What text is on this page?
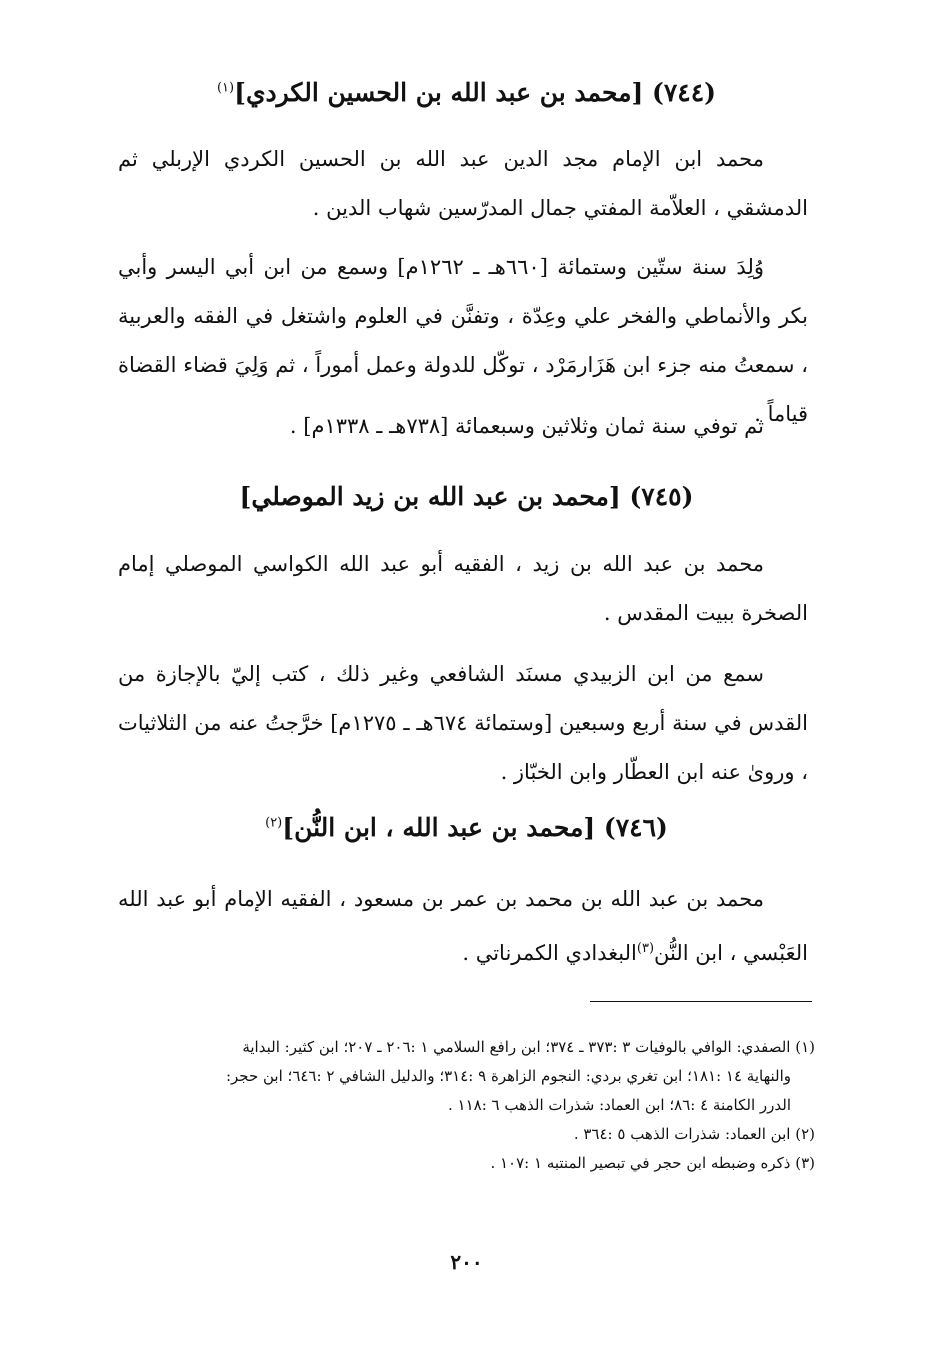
(٧٤٤) [محمد بن عبد الله بن الحسين الكردي]$^{(١)}$

محمد ابن الإمام مجد الدين عبد الله بن الحسين الكردي الإربلي ثم الدمشقي ، العلاّمة المفتي جمال المدرّسين شهاب الدين .

وُلِدَ سنة ستّين وستمائة [٦٦٠هـ ـ ١٢٦٢م] وسمع من ابن أبي اليسر وأبي بكر والأنماطي والفخر علي وعِدّة ، وتفنَّن في العلوم واشتغل في الفقه والعربية ، سمعتُ منه جزء ابن هَزَارمَرْد ، توكّل للدولة وعمل أموراً ، ثم وَلِيَ قضاء القضاة قياماً .

ثم توفي سنة ثمان وثلاثين وسبعمائة [٧٣٨هـ ـ ١٣٣٨م] .

(٧٤٥) [محمد بن عبد الله بن زيد الموصلي]

محمد بن عبد الله بن زيد ، الفقيه أبو عبد الله الكواسي الموصلي إمام الصخرة ببيت المقدس .

سمع من ابن الزبيدي مسنَد الشافعي وغير ذلك ، كتب إليّ بالإجازة من القدس في سنة أربع وسبعين [وستمائة ٦٧٤هـ ـ ١٢٧٥م] خرَّجتُ عنه من الثلاثيات ، وروىٰ عنه ابن العطّار وابن الخبّاز .

(٧٤٦) [محمد بن عبد الله ، ابن النُّن]$^{(٢)}$

محمد بن عبد الله بن محمد بن عمر بن مسعود ، الفقيه الإمام أبو عبد الله العَبْسي ، ابن النُّن$^{(٣)}$البغدادي الكمرناتي .

(١) الصفدي: الوافي بالوفيات ٣ :٣٧٣ ـ ٣٧٤؛ ابن رافع السلامي ١ :٢٠٦ ـ ٢٠٧؛ ابن كثير: البداية

والنهاية ١٤ :١٨١؛ ابن تغري بردي: النجوم الزاهرة ٩ :٣١٤؛ والدليل الشافي ٢ :٦٤٦؛ ابن حجر:

الدرر الكامنة ٤ :٨٦؛ ابن العماد: شذرات الذهب ٦ :١١٨ .

(٢) ابن العماد: شذرات الذهب ٥ :٣٦٤ .

(٣) ذكره وضبطه ابن حجر في تبصير المنتبه ١ :١٠٧ .

٢٠٠
